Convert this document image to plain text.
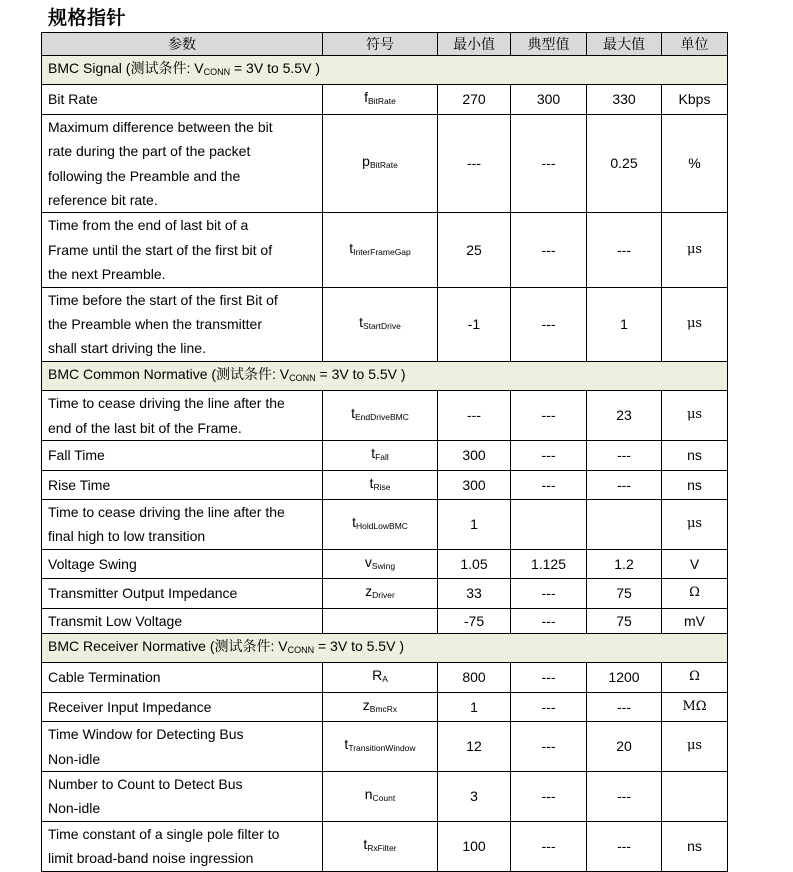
规格指针
参数	符号	最小值	典型值	最大值	单位
BMC Signal (测试条件: $V_{CONN} = 3V$ to 5.5V )					

Bit Rate	$f_{BitRate}$	270	300	330	Kbps

Maximum difference between the bit
rate during the part of the packet
following the Preamble and the
reference bit rate.	$p_{BitRate}$	---	---	0.25	%

Time from the end of last bit of a
Frame until the start of the first bit of
the next Preamble.	$t_{InterFrameGap}$	25	---	---	μs

Time before the start of the first Bit of
the Preamble when the transmitter
shall start driving the line.	$t_{StartDrive}$	-1	---	1	μs
BMC Common Normative (测试条件: $V_{CONN} = 3V$ to 5.5V )					

Time to cease driving the line after the
end of the last bit of the Frame.	$t_{EndDriveBMC}$	---	---	23	μs

Fall Time	$t_{Fall}$	300	---	---	ns

Rise Time	$t_{Rise}$	300	---	---	ns

Time to cease driving the line after the
final high to low transition	$t_{HoldLowBMC}$	1			μs

Voltage Swing	$v_{Swing}$	1.05	1.125	1.2	V

Transmitter Output Impedance	$z_{Driver}$	33	---	75	Ω

Transmit Low Voltage		-75	---	75	mV
BMC Receiver Normative (测试条件: $V_{CONN} = 3V$ to 5.5V )					

Cable Termination	$R_A$	800	---	1200	Ω

Receiver Input Impedance	$z_{BmcRx}$	1	---	---	MΩ

Time Window for Detecting Bus
Non-idle	$t_{TransitionWindow}$	12	---	20	μs

Number to Count to Detect Bus
Non-idle	$n_{Count}$	3	---	---	

Time constant of a single pole filter to
limit broad-band noise ingression	$t_{RxFilter}$	100	---	---	ns
